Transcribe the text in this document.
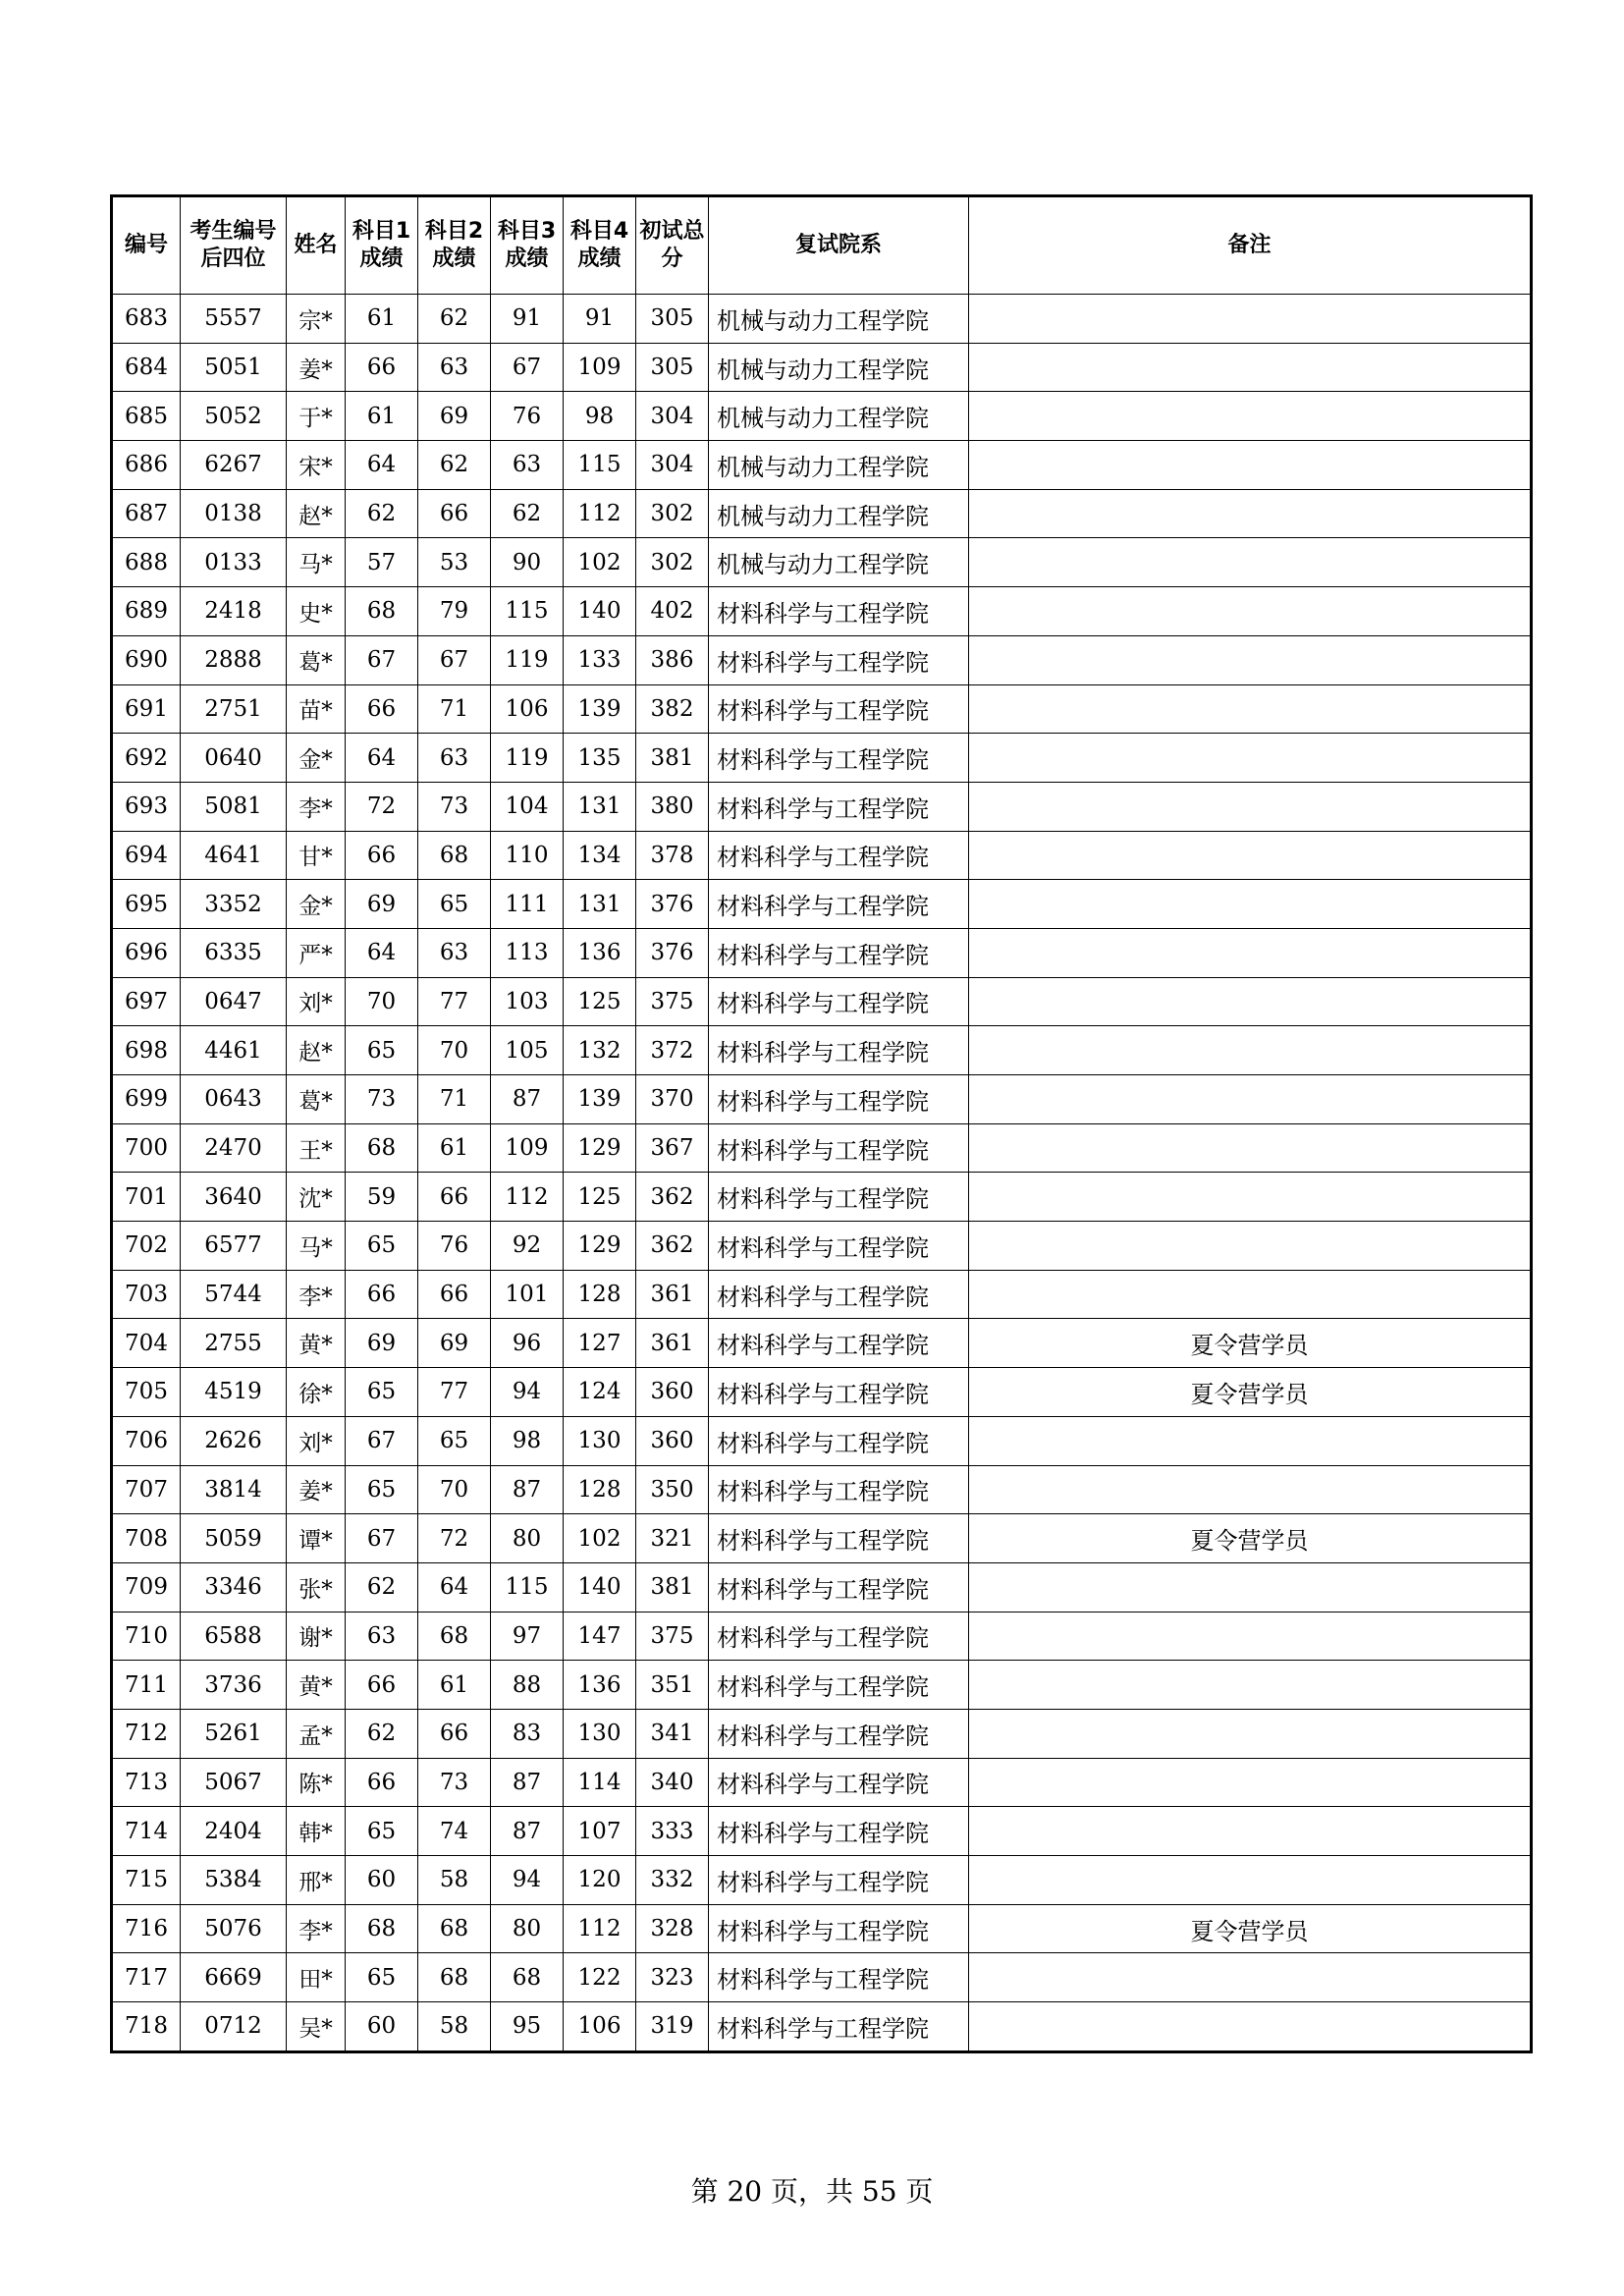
编号	考生编号后四位	姓名	科目1成绩	科目2成绩	科目3成绩	科目4成绩	初试总分	复试院系	备注
683	5557	宗*	61	62	91	91	305	机械与动力工程学院	
684	5051	姜*	66	63	67	109	305	机械与动力工程学院	
685	5052	于*	61	69	76	98	304	机械与动力工程学院	
686	6267	宋*	64	62	63	115	304	机械与动力工程学院	
687	0138	赵*	62	66	62	112	302	机械与动力工程学院	
688	0133	马*	57	53	90	102	302	机械与动力工程学院	
689	2418	史*	68	79	115	140	402	材料科学与工程学院	
690	2888	葛*	67	67	119	133	386	材料科学与工程学院	
691	2751	苗*	66	71	106	139	382	材料科学与工程学院	
692	0640	金*	64	63	119	135	381	材料科学与工程学院	
693	5081	李*	72	73	104	131	380	材料科学与工程学院	
694	4641	甘*	66	68	110	134	378	材料科学与工程学院	
695	3352	金*	69	65	111	131	376	材料科学与工程学院	
696	6335	严*	64	63	113	136	376	材料科学与工程学院	
697	0647	刘*	70	77	103	125	375	材料科学与工程学院	
698	4461	赵*	65	70	105	132	372	材料科学与工程学院	
699	0643	葛*	73	71	87	139	370	材料科学与工程学院	
700	2470	王*	68	61	109	129	367	材料科学与工程学院	
701	3640	沈*	59	66	112	125	362	材料科学与工程学院	
702	6577	马*	65	76	92	129	362	材料科学与工程学院	
703	5744	李*	66	66	101	128	361	材料科学与工程学院	
704	2755	黄*	69	69	96	127	361	材料科学与工程学院	夏令营学员
705	4519	徐*	65	77	94	124	360	材料科学与工程学院	夏令营学员
706	2626	刘*	67	65	98	130	360	材料科学与工程学院	
707	3814	姜*	65	70	87	128	350	材料科学与工程学院	
708	5059	谭*	67	72	80	102	321	材料科学与工程学院	夏令营学员
709	3346	张*	62	64	115	140	381	材料科学与工程学院	
710	6588	谢*	63	68	97	147	375	材料科学与工程学院	
711	3736	黄*	66	61	88	136	351	材料科学与工程学院	
712	5261	孟*	62	66	83	130	341	材料科学与工程学院	
713	5067	陈*	66	73	87	114	340	材料科学与工程学院	
714	2404	韩*	65	74	87	107	333	材料科学与工程学院	
715	5384	邢*	60	58	94	120	332	材料科学与工程学院	
716	5076	李*	68	68	80	112	328	材料科学与工程学院	夏令营学员
717	6669	田*	65	68	68	122	323	材料科学与工程学院	
718	0712	吴*	60	58	95	106	319	材料科学与工程学院	
第 20 页，共 55 页
